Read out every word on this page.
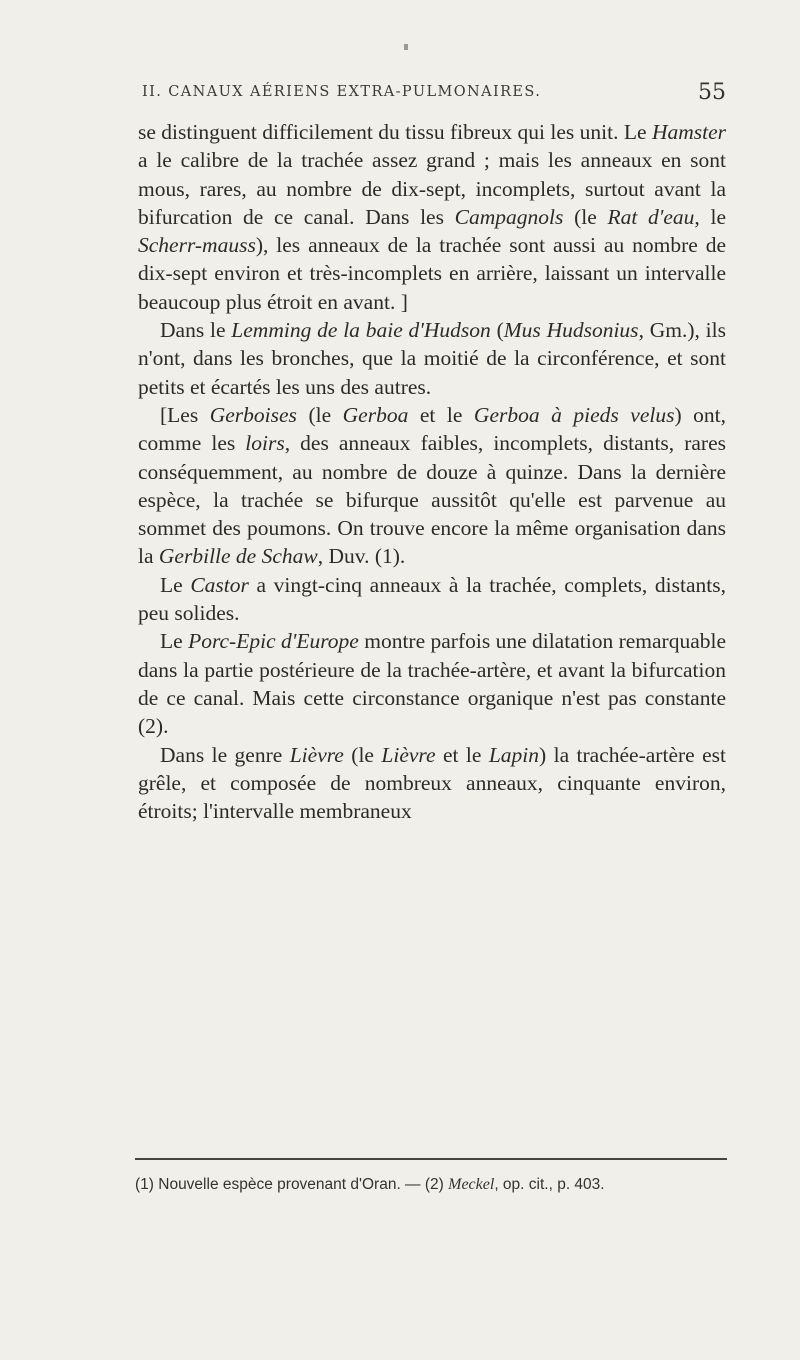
II. CANAUX AÉRIENS EXTRA-PULMONAIRES.	55

se distinguent difficilement du tissu fibreux qui les unit. Le Hamster a le calibre de la trachée assez grand ; mais les anneaux en sont mous, rares, au nombre de dix-sept, incomplets, surtout avant la bifurcation de ce canal. Dans les Campagnols (le Rat d'eau, le Scherr-mauss), les anneaux de la trachée sont aussi au nombre de dix-sept environ et très-incomplets en arrière, laissant un intervalle beaucoup plus étroit en avant. ]

Dans le Lemming de la baie d'Hudson (Mus Hudsonius, Gm.), ils n'ont, dans les bronches, que la moitié de la circonférence, et sont petits et écartés les uns des autres.

[Les Gerboises (le Gerboa et le Gerboa à pieds velus) ont, comme les loirs, des anneaux faibles, incomplets, distants, rares conséquemment, au nombre de douze à quinze. Dans la dernière espèce, la trachée se bifurque aussitôt qu'elle est parvenue au sommet des poumons. On trouve encore la même organisation dans la Gerbille de Schaw, Duv. (1).

Le Castor a vingt-cinq anneaux à la trachée, complets, distants, peu solides.

Le Porc-Epic d'Europe montre parfois une dilatation remarquable dans la partie postérieure de la trachée-artère, et avant la bifurcation de ce canal. Mais cette circonstance organique n'est pas constante (2).

Dans le genre Lièvre (le Lièvre et le Lapin) la trachée-artère est grêle, et composée de nombreux anneaux, cinquante environ, étroits; l'intervalle membraneux

(1) Nouvelle espèce provenant d'Oran. — (2) Meckel, op. cit., p. 403.
